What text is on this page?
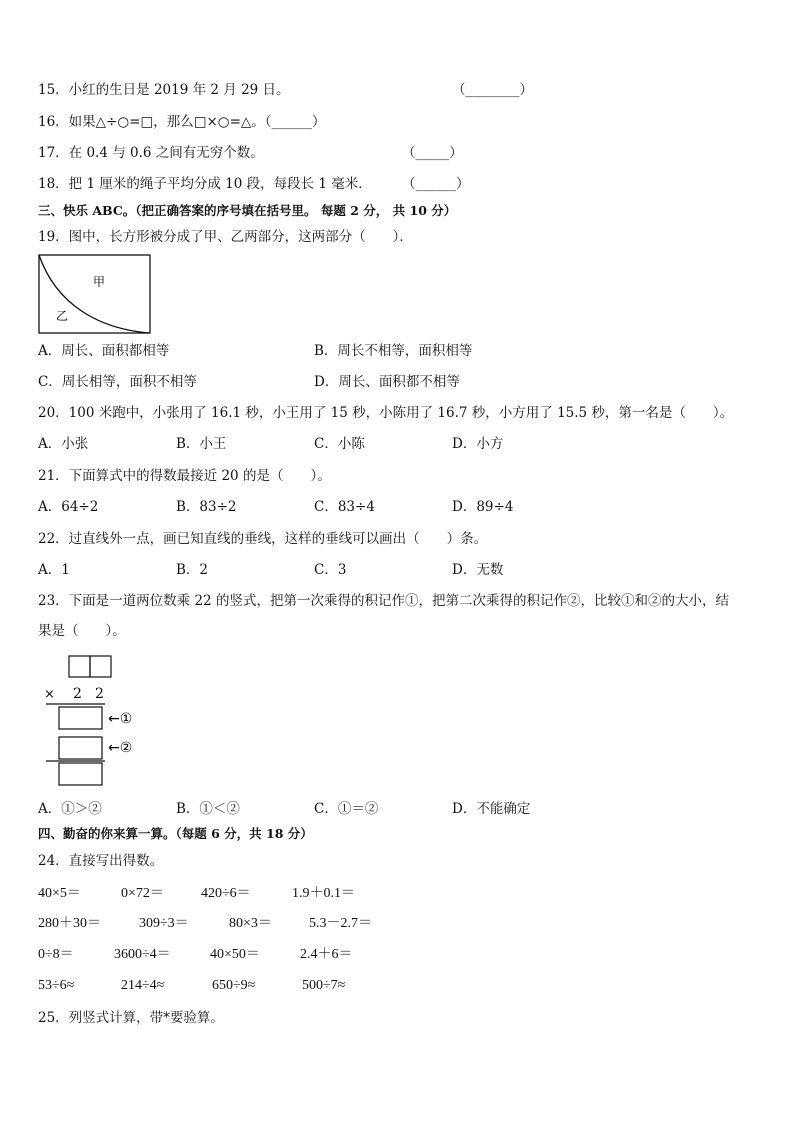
15．小红的生日是 2019 年 2 月 29 日。	（________）
16．如果△÷○=□，那么□×○=△。（______）
17．在 0.4 与 0.6 之间有无穷个数。	（_____）
18．把 1 厘米的绳子平均分成 10 段，每段长 1 毫米． （______）
三、快乐 ABC。（把正确答案的序号填在括号里。 每题 2 分， 共 10 分）
19．图中，长方形被分成了甲、乙两部分，这两部分（　　）．
甲
乙
A．周长、面积都相等	B．周长不相等，面积相等
C．周长相等，面积不相等	D．周长、面积都不相等
20．100 米跑中，小张用了 16.1 秒，小王用了 15 秒，小陈用了 16.7 秒，小方用了 15.5 秒，第一名是（　　）。
A．小张	B．小王	C．小陈	D．小方
21．下面算式中的得数最接近 20 的是（　　）。
A．64÷2	B．83÷2	C．83÷4	D．89÷4
22．过直线外一点，画已知直线的垂线，这样的垂线可以画出（　　）条。
A．1	B．2	C．3	D．无数
23．下面是一道两位数乘 22 的竖式，把第一次乘得的积记作①，把第二次乘得的积记作②，比较①和②的大小，结
果是（　　）。
× 2 2
←①
←②
A．①＞②	B．①＜②	C．①＝②	D．不能确定
四、勤奋的你来算一算。（每题 6 分，共 18 分）
24．直接写出得数。
40×5＝	0×72＝	420÷6＝	1.9＋0.1＝
280＋30＝	309÷3＝	80×3＝	5.3－2.7＝
0÷8＝	3600÷4＝	40×50＝	2.4＋6＝
53÷6≈	214÷4≈	650÷9≈	500÷7≈
25．列竖式计算，带*要验算。
